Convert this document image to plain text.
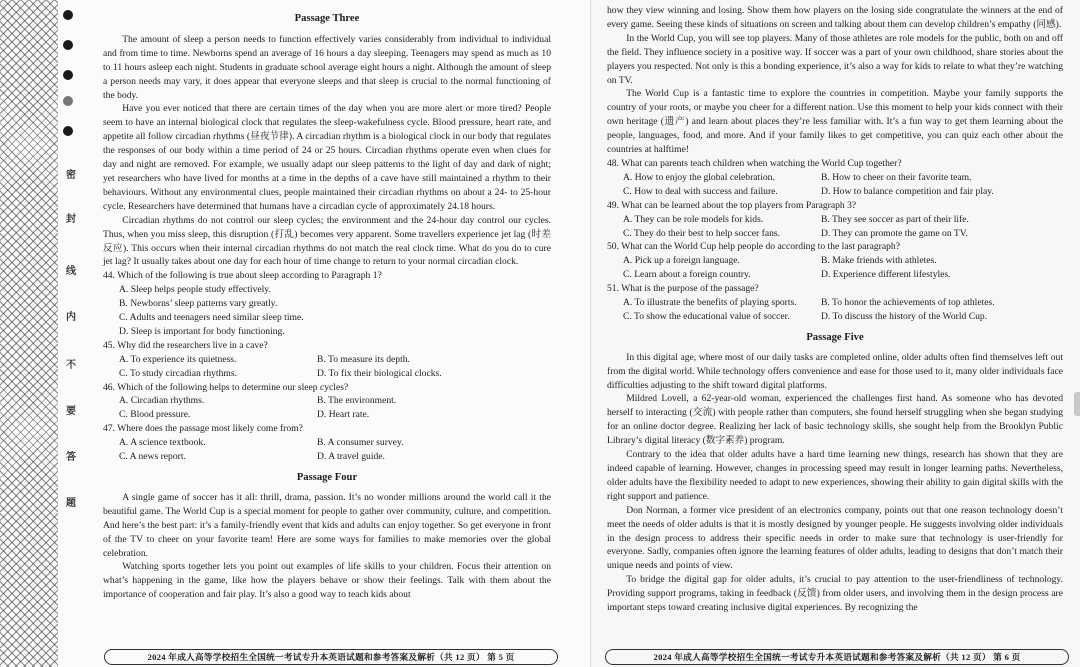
密
封
线
内
不
要
答
题
Passage Three

The amount of sleep a person needs to function effectively varies considerably from individual to individual and from time to time. Newborns spend an average of 16 hours a day sleeping. Teenagers may spend as much as 10 to 11 hours asleep each night. Students in graduate school average eight hours a night. Although the amount of sleep a person needs may vary, it does appear that everyone sleeps and that sleep is crucial to the normal functioning of the body.

Have you ever noticed that there are certain times of the day when you are more alert or more tired? People seem to have an internal biological clock that regulates the sleep-wakefulness cycle. Blood pressure, heart rate, and appetite all follow circadian rhythms (昼夜节律). A circadian rhythm is a biological clock in our body that regulates the responses of our body within a time period of 24 or 25 hours. Circadian rhythms operate even when clues for day and night are removed. For example, we usually adapt our sleep patterns to the light of day and dark of night; yet researchers who have lived for months at a time in the depths of a cave have still maintained a rhythm to their behaviours. Without any environmental clues, people maintained their circadian rhythms on about a 24- to 25-hour cycle. Researchers have determined that humans have a circadian cycle of approximately 24.18 hours.

Circadian rhythms do not control our sleep cycles; the environment and the 24-hour day control our cycles. Thus, when you miss sleep, this disruption (打乱) becomes very apparent. Some travellers experience jet lag (时差反应). This occurs when their internal circadian rhythms do not match the real clock time. What do you do to cure jet lag? It usually takes about one day for each hour of time change to return to your normal circadian clock.

44. Which of the following is true about sleep according to Paragraph 1?
A. Sleep helps people study effectively.
B. Newborns’ sleep patterns vary greatly.
C. Adults and teenagers need similar sleep time.
D. Sleep is important for body functioning.
45. Why did the researchers live in a cave?
A. To experience its quietness.	B. To measure its depth.
C. To study circadian rhythms.	D. To fix their biological clocks.
46. Which of the following helps to determine our sleep cycles?
A. Circadian rhythms.	B. The environment.
C. Blood pressure.	D. Heart rate.
47. Where does the passage most likely come from?
A. A science textbook.	B. A consumer survey.
C. A news report.	D. A travel guide.
Passage Four

A single game of soccer has it all: thrill, drama, passion. It’s no wonder millions around the world call it the beautiful game. The World Cup is a special moment for people to gather over community, culture, and competition. And here’s the best part: it’s a family-friendly event that kids and adults can enjoy together. So get everyone in front of the TV to cheer on your favorite team! Here are some ways for families to make memories over the global celebration.

Watching sports together lets you point out examples of life skills to your children. Focus their attention on what’s happening in the game, like how the players behave or show their feelings. Talk with them about the importance of cooperation and fair play. It’s also a good way to teach kids about

2024 年成人高等学校招生全国统一考试专升本英语试题和参考答案及解析（共 12 页） 第 5 页

how they view winning and losing. Show them how players on the losing side congratulate the winners at the end of every game. Seeing these kinds of situations on screen and talking about them can develop children’s empathy (同感).

In the World Cup, you will see top players. Many of those athletes are role models for the public, both on and off the field. They influence society in a positive way. If soccer was a part of your own childhood, share stories about the players you respected. Not only is this a bonding experience, it’s also a way for kids to relate to what they’re watching on TV.

The World Cup is a fantastic time to explore the countries in competition. Maybe your family supports the country of your roots, or maybe you cheer for a different nation. Use this moment to help your kids connect with their own heritage (遗产) and learn about places they’re less familiar with. It’s a fun way to get them learning about the people, languages, food, and more. And if your family likes to get competitive, you can quiz each other about the countries at halftime!

48. What can parents teach children when watching the World Cup together?
A. How to enjoy the global celebration.	B. How to cheer on their favorite team.
C. How to deal with success and failure.	D. How to balance competition and fair play.
49. What can be learned about the top players from Paragraph 3?
A. They can be role models for kids.	B. They see soccer as part of their life.
C. They do their best to help soccer fans.	D. They can promote the game on TV.
50. What can the World Cup help people do according to the last paragraph?
A. Pick up a foreign language.	B. Make friends with athletes.
C. Learn about a foreign country.	D. Experience different lifestyles.
51. What is the purpose of the passage?
A. To illustrate the benefits of playing sports.	B. To honor the achievements of top athletes.
C. To show the educational value of soccer.	D. To discuss the history of the World Cup.
Passage Five

In this digital age, where most of our daily tasks are completed online, older adults often find themselves left out from the digital world. While technology offers convenience and ease for those used to it, many older individuals face difficulties adjusting to the shift toward digital platforms.

Mildred Lovell, a 62-year-old woman, experienced the challenges first hand. As someone who has devoted herself to interacting (交流) with people rather than computers, she found herself struggling when she began studying for an online doctor degree. Realizing her lack of basic technology skills, she sought help from the Brooklyn Public Library’s digital literacy (数字素养) program.

Contrary to the idea that older adults have a hard time learning new things, research has shown that they are indeed capable of learning. However, changes in processing speed may result in longer learning paths. Nevertheless, older adults have the flexibility needed to adapt to new experiences, showing their ability to gain digital skills with the right support and patience.

Don Norman, a former vice president of an electronics company, points out that one reason technology doesn’t meet the needs of older adults is that it is mostly designed by younger people. He suggests involving older individuals in the design process to address their specific needs in order to make sure that technology is user-friendly for everyone. Sadly, companies often ignore the learning features of older adults, leading to designs that don’t match their unique needs and points of view.

To bridge the digital gap for older adults, it’s crucial to pay attention to the user-friendliness of technology. Providing support programs, taking in feedback (反馈) from older users, and involving them in the design process are important steps toward creating inclusive digital experiences. By recognizing the

2024 年成人高等学校招生全国统一考试专升本英语试题和参考答案及解析（共 12 页） 第 6 页
